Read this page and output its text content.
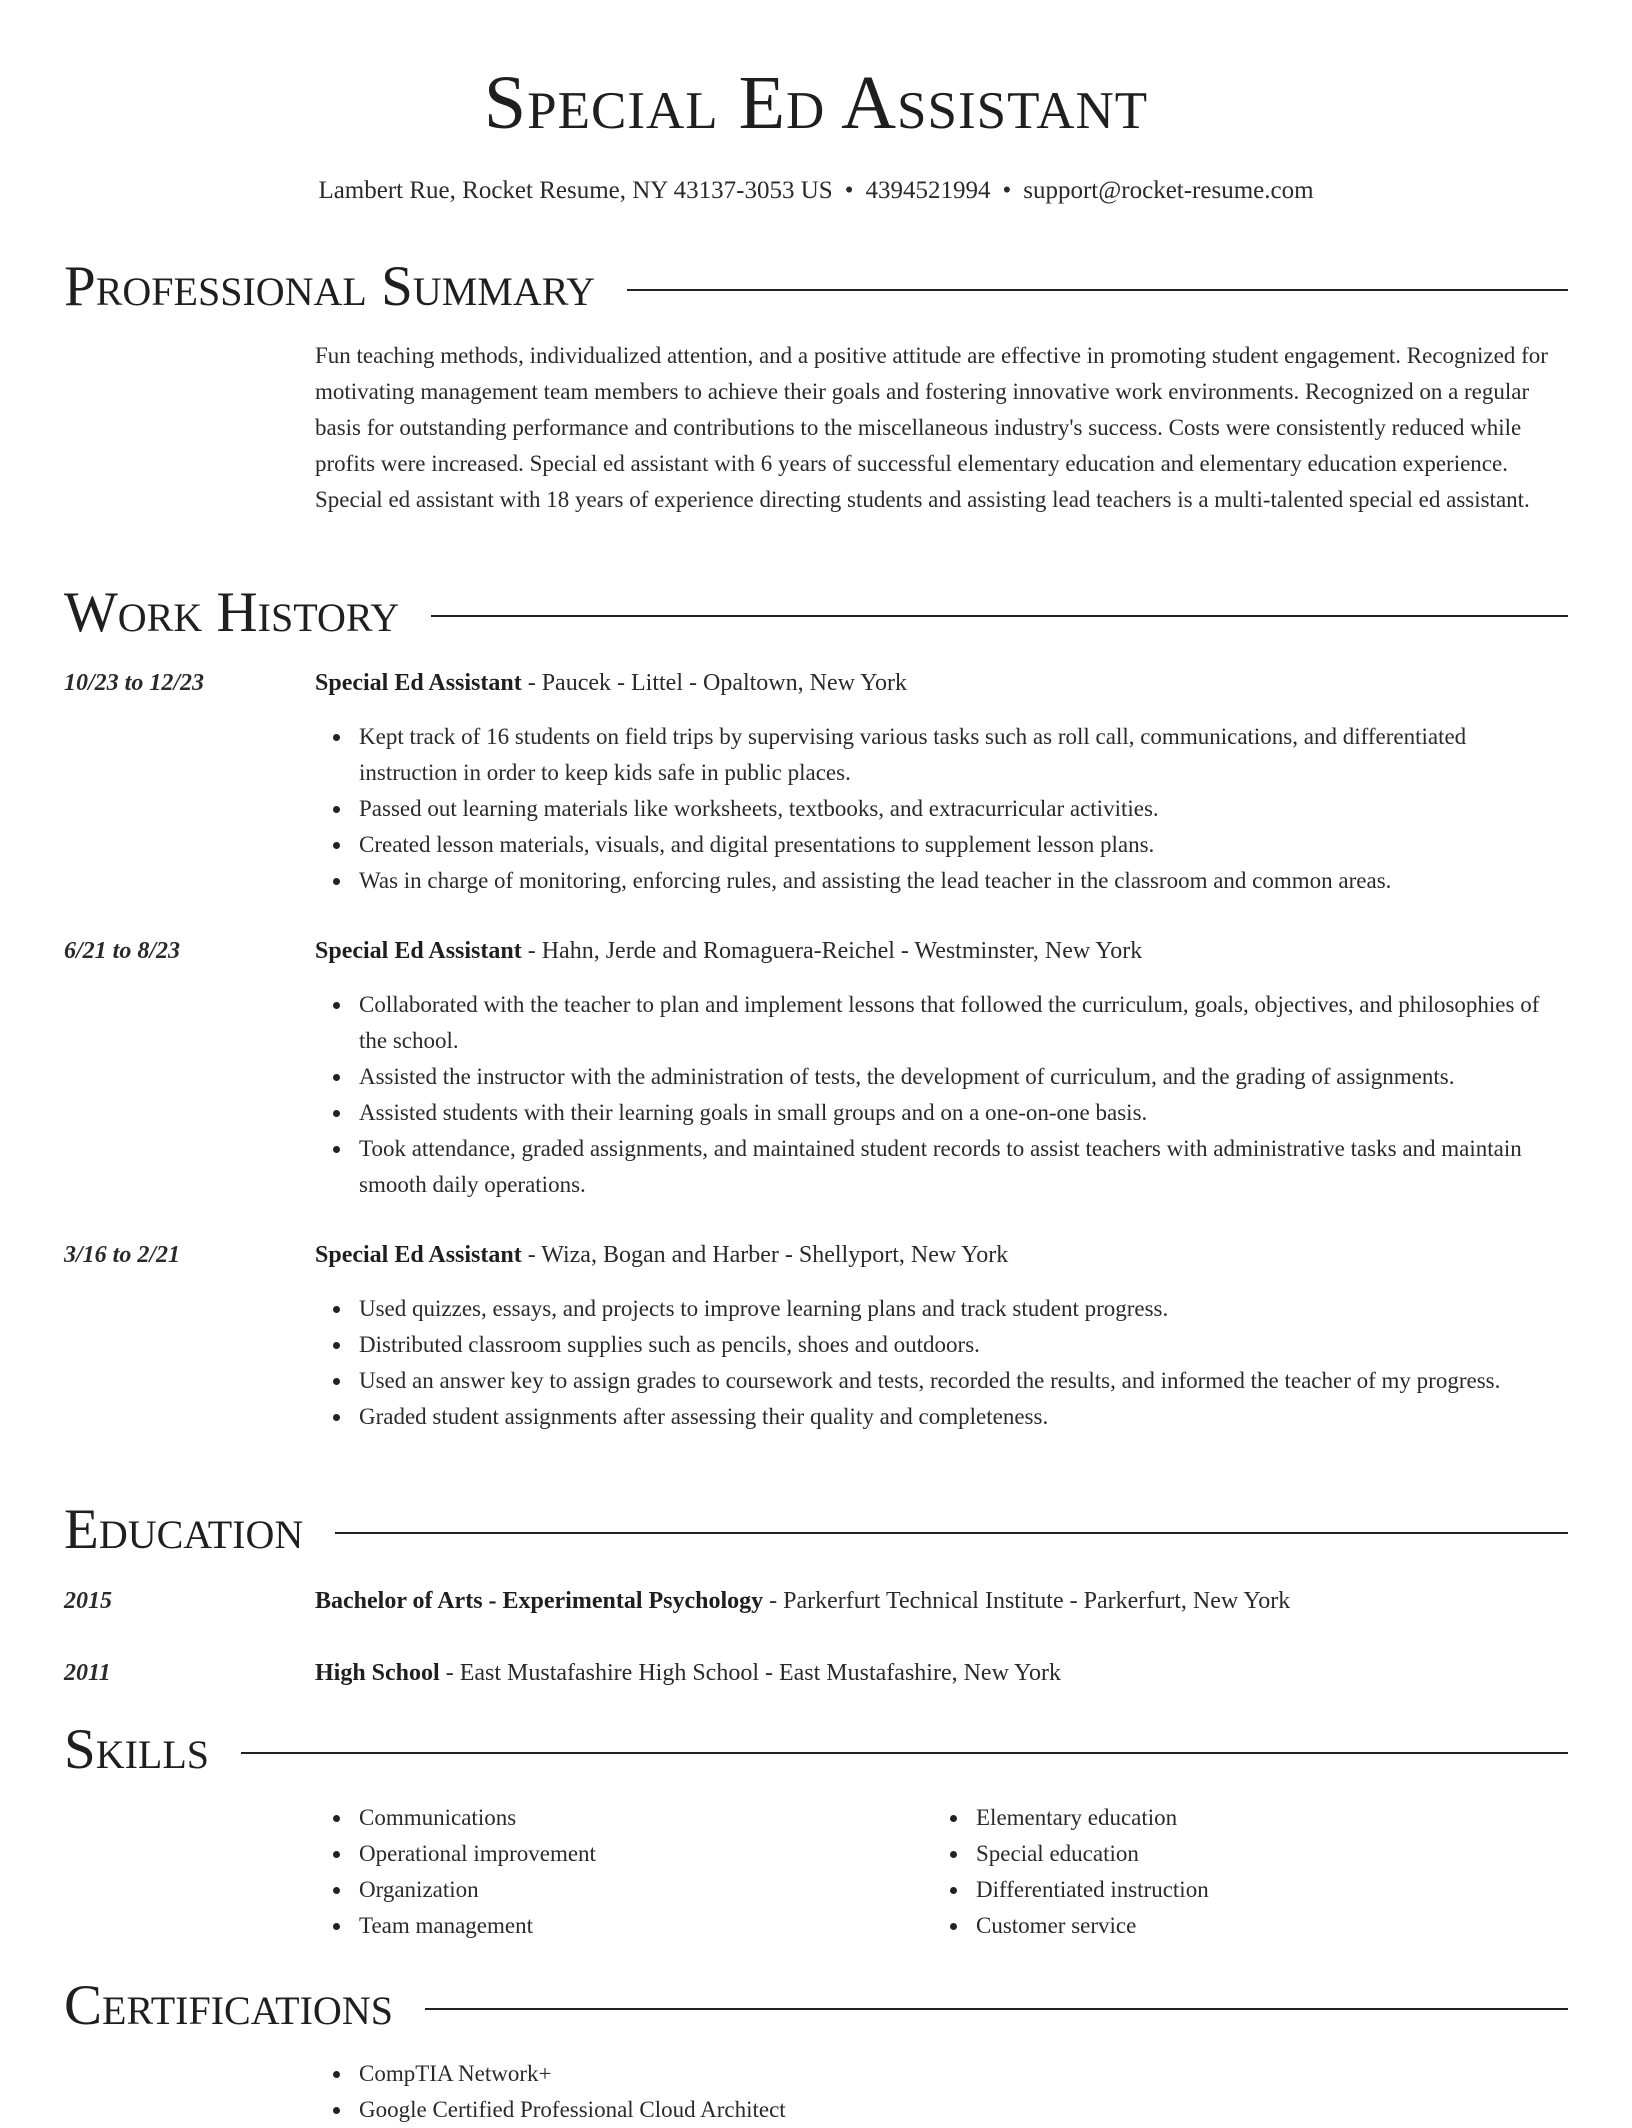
Special Ed Assistant
Lambert Rue, Rocket Resume, NY 43137-3053 US • 4394521994 • support@rocket-resume.com
Professional Summary
Fun teaching methods, individualized attention, and a positive attitude are effective in promoting student engagement. Recognized for motivating management team members to achieve their goals and fostering innovative work environments. Recognized on a regular basis for outstanding performance and contributions to the miscellaneous industry's success. Costs were consistently reduced while profits were increased. Special ed assistant with 6 years of successful elementary education and elementary education experience. Special ed assistant with 18 years of experience directing students and assisting lead teachers is a multi-talented special ed assistant.
Work History
10/23 to 12/23	Special Ed Assistant - Paucek - Littel - Opaltown, New York
Kept track of 16 students on field trips by supervising various tasks such as roll call, communications, and differentiated instruction in order to keep kids safe in public places.
Passed out learning materials like worksheets, textbooks, and extracurricular activities.
Created lesson materials, visuals, and digital presentations to supplement lesson plans.
Was in charge of monitoring, enforcing rules, and assisting the lead teacher in the classroom and common areas.
6/21 to 8/23	Special Ed Assistant - Hahn, Jerde and Romaguera-Reichel - Westminster, New York
Collaborated with the teacher to plan and implement lessons that followed the curriculum, goals, objectives, and philosophies of the school.
Assisted the instructor with the administration of tests, the development of curriculum, and the grading of assignments.
Assisted students with their learning goals in small groups and on a one-on-one basis.
Took attendance, graded assignments, and maintained student records to assist teachers with administrative tasks and maintain smooth daily operations.
3/16 to 2/21	Special Ed Assistant - Wiza, Bogan and Harber - Shellyport, New York
Used quizzes, essays, and projects to improve learning plans and track student progress.
Distributed classroom supplies such as pencils, shoes and outdoors.
Used an answer key to assign grades to coursework and tests, recorded the results, and informed the teacher of my progress.
Graded student assignments after assessing their quality and completeness.
Education
2015	Bachelor of Arts - Experimental Psychology - Parkerfurt Technical Institute - Parkerfurt, New York
2011	High School - East Mustafashire High School - East Mustafashire, New York
Skills
Communications
Operational improvement
Organization
Team management
Elementary education
Special education
Differentiated instruction
Customer service
Certifications
CompTIA Network+
Google Certified Professional Cloud Architect
